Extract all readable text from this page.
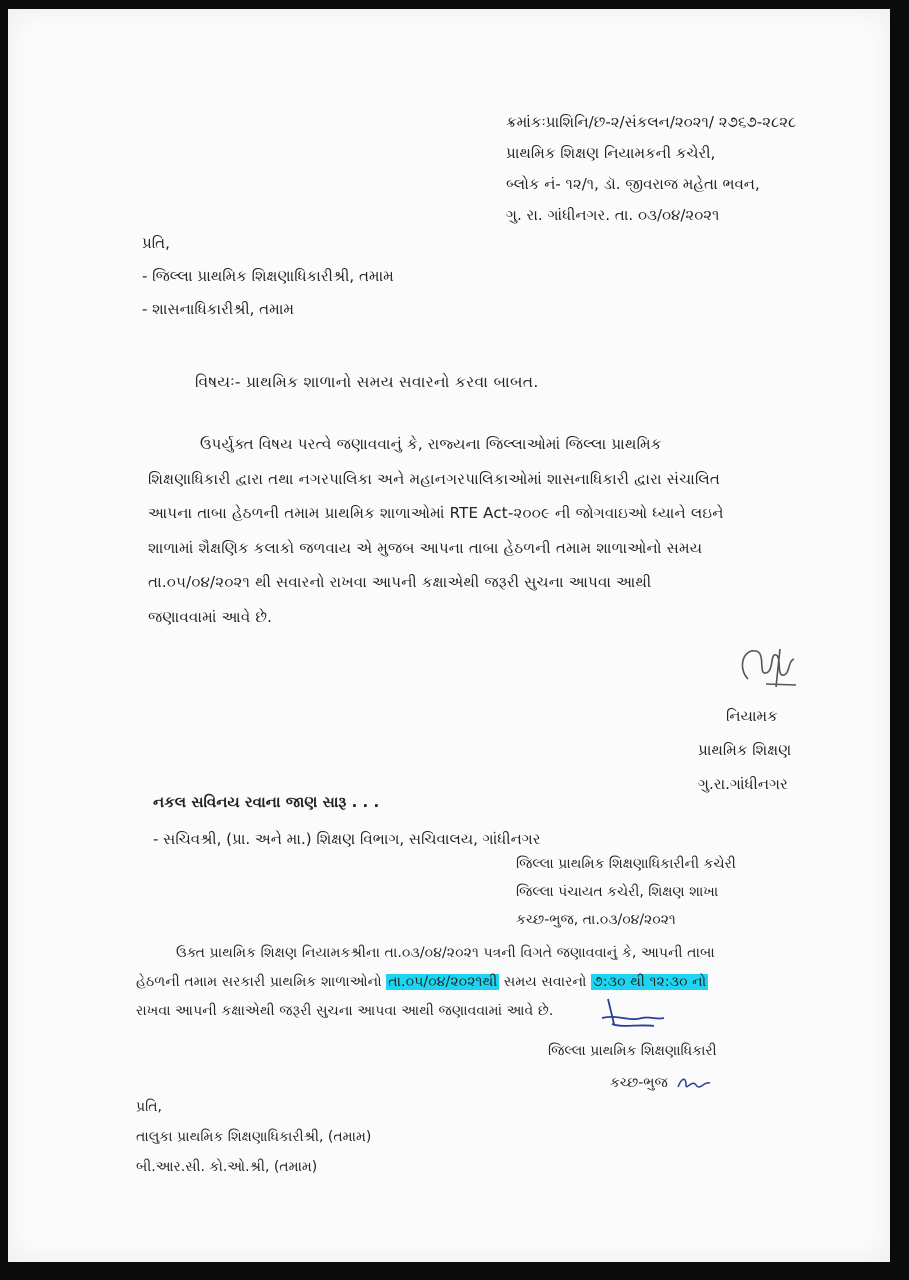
ક્રમાંકઃપ્રાશિનિ/છ-૨/સંકલન/૨૦૨૧/ ૨૭૬૭-૨૮૨૮
પ્રાથમિક શિક્ષણ નિયામકની કચેરી,
બ્લોક નં- ૧૨/૧, ડૉ. જીવરાજ મહેતા ભવન,
ગુ. રા. ગાંધીનગર. તા. ૦૩/૦૪/૨૦૨૧
પ્રતિ,
- જિલ્લા પ્રાથમિક શિક્ષણાધિકારીશ્રી, તમામ
- શાસનાધિકારીશ્રી, તમામ
વિષયઃ- પ્રાથમિક શાળાનો સમય સવારનો કરવા બાબત.
ઉપર્યુક્ત વિષય પરત્વે જણાવવાનું કે, રાજ્યના જિલ્લાઓમાં જિલ્લા પ્રાથમિક
શિક્ષણાધિકારી દ્વારા તથા નગરપાલિકા અને મહાનગરપાલિકાઓમાં શાસનાધિકારી દ્વારા સંચાલિત
આપના તાબા હેઠળની તમામ પ્રાથમિક શાળાઓમાં RTE Act-૨૦૦૯ ની જોગવાઇઓ ધ્યાને લઇને
શાળામાં શૈક્ષણિક કલાકો જળવાય એ મુજબ આપના તાબા હેઠળની તમામ શાળાઓનો સમય
તા.૦૫/૦૪/૨૦૨૧ થી સવારનો રાખવા આપની કક્ષાએથી જરૂરી સુચના આપવા આથી
જણાવવામાં આવે છે.
નિયામક
પ્રાથમિક શિક્ષણ
ગુ.રા.ગાંધીનગર
નકલ સવિનય રવાના જાણ સારૂ . . .
- સચિવશ્રી, (પ્રા. અને મા.) શિક્ષણ વિભાગ, સચિવાલય, ગાંધીનગર
જિલ્લા પ્રાથમિક શિક્ષણાધિકારીની કચેરી
જિલ્લા પંચાયત કચેરી, શિક્ષણ શાખા
કચ્છ-ભુજ, તા.૦૩/૦૪/૨૦૨૧
ઉક્ત પ્રાથમિક શિક્ષણ નિયામકશ્રીના તા.૦૩/૦૪/૨૦૨૧ પત્રની વિગતે જણાવવાનું કે, આપની તાબા
હેઠળની તમામ સરકારી પ્રાથમિક શાળાઓનો તા.૦૫/૦૪/૨૦૨૧થી સમય સવારનો ૭:૩૦ થી ૧૨:૩૦ નો
રાખવા આપની કક્ષાએથી જરૂરી સુચના આપવા આથી જણાવવામાં આવે છે.
જિલ્લા પ્રાથમિક શિક્ષણાધિકારી
કચ્છ-ભુજ
પ્રતિ,
તાલુકા પ્રાથમિક શિક્ષણાધિકારીશ્રી, (તમામ)
બી.આર.સી. કો.ઓ.શ્રી, (તમામ)
